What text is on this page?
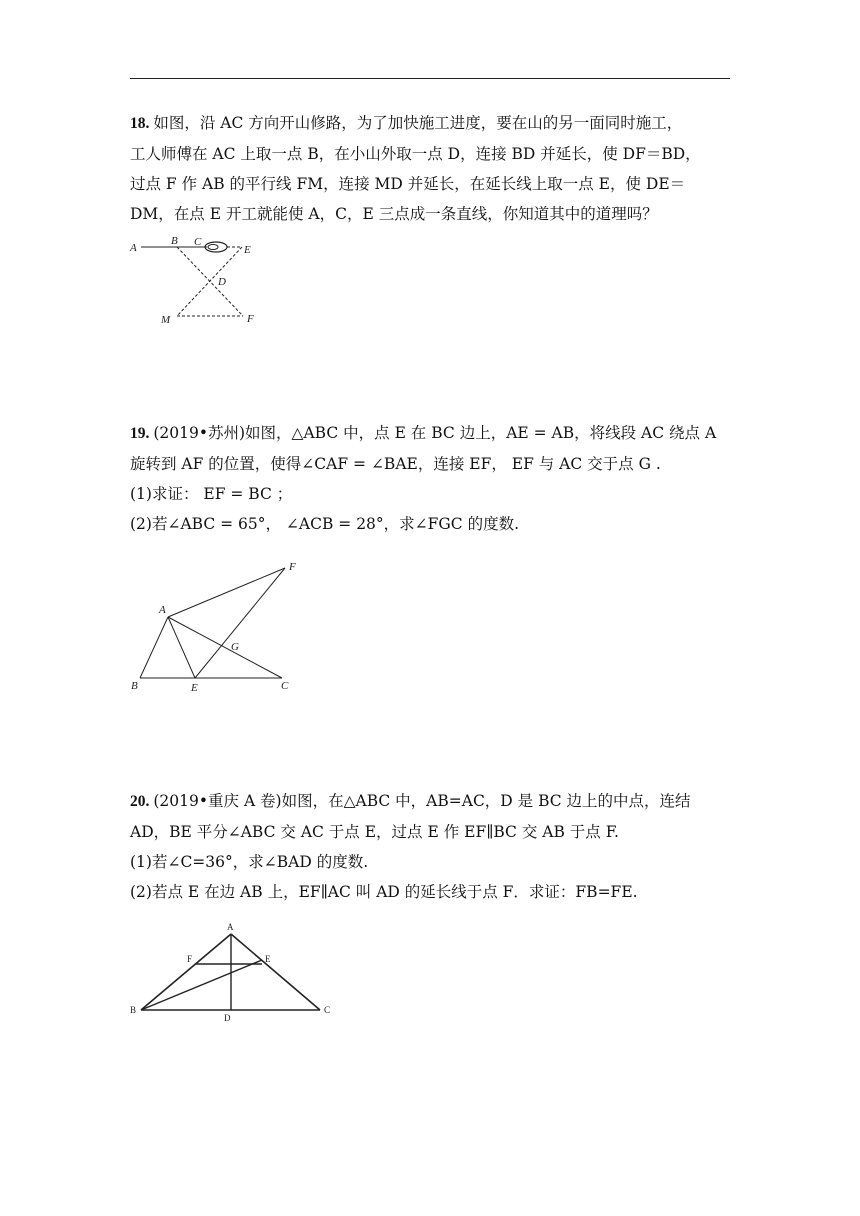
18. 如图，沿 AC 方向开山修路，为了加快施工进度，要在山的另一面同时施工，
工人师傅在 AC 上取一点 B，在小山外取一点 D，连接 BD 并延长，使 DF＝BD，
过点 F 作 AB 的平行线 FM，连接 MD 并延长，在延长线上取一点 E，使 DE＝
DM，在点 E 开工就能使 A，C，E 三点成一条直线，你知道其中的道理吗？
A
B C
E
D
M	F
19. (2019•苏州)如图，△ABC 中，点 E 在 BC 边上，AE = AB，将线段 AC 绕点 A
旋转到 AF 的位置，使得∠CAF = ∠BAE，连接 EF， EF 与 AC 交于点 G .
(1)求证： EF = BC ；
(2)若∠ABC = 65°， ∠ACB = 28°，求∠FGC 的度数.
A
B	E	C
F
G
20. (2019•重庆 A 卷)如图，在△ABC 中，AB=AC，D 是 BC 边上的中点，连结
AD，BE 平分∠ABC 交 AC 于点 E，过点 E 作 EF∥BC 交 AB 于点 F.
(1)若∠C=36°，求∠BAD 的度数.
(2)若点 E 在边 AB 上，EF∥AC 叫 AD 的延长线于点 F．求证：FB=FE.
A
F	E
B
D
C
